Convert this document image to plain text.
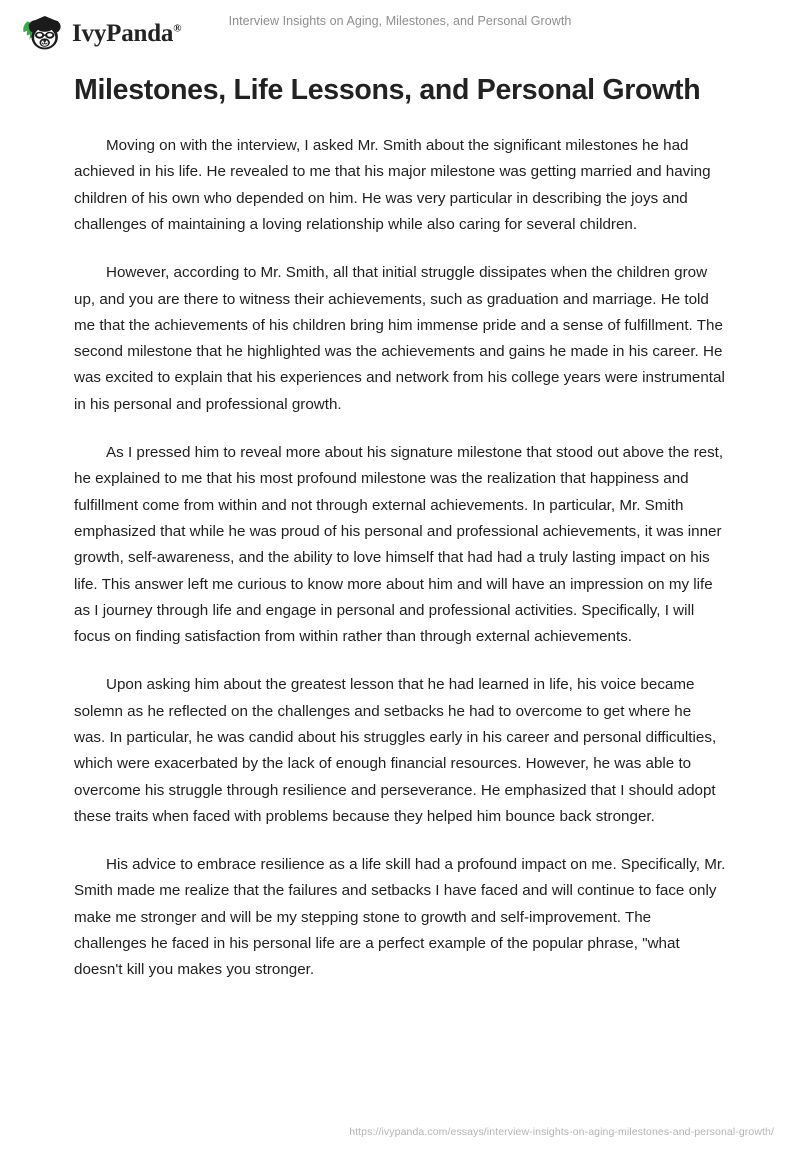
IvyPanda®
Interview Insights on Aging, Milestones, and Personal Growth
Milestones, Life Lessons, and Personal Growth

Moving on with the interview, I asked Mr. Smith about the significant milestones he had achieved in his life. He revealed to me that his major milestone was getting married and having children of his own who depended on him. He was very particular in describing the joys and challenges of maintaining a loving relationship while also caring for several children.

However, according to Mr. Smith, all that initial struggle dissipates when the children grow up, and you are there to witness their achievements, such as graduation and marriage. He told me that the achievements of his children bring him immense pride and a sense of fulfillment. The second milestone that he highlighted was the achievements and gains he made in his career. He was excited to explain that his experiences and network from his college years were instrumental in his personal and professional growth.

As I pressed him to reveal more about his signature milestone that stood out above the rest, he explained to me that his most profound milestone was the realization that happiness and fulfillment come from within and not through external achievements. In particular, Mr. Smith emphasized that while he was proud of his personal and professional achievements, it was inner growth, self-awareness, and the ability to love himself that had had a truly lasting impact on his life. This answer left me curious to know more about him and will have an impression on my life as I journey through life and engage in personal and professional activities. Specifically, I will focus on finding satisfaction from within rather than through external achievements.

Upon asking him about the greatest lesson that he had learned in life, his voice became solemn as he reflected on the challenges and setbacks he had to overcome to get where he was. In particular, he was candid about his struggles early in his career and personal difficulties, which were exacerbated by the lack of enough financial resources. However, he was able to overcome his struggle through resilience and perseverance. He emphasized that I should adopt these traits when faced with problems because they helped him bounce back stronger.

His advice to embrace resilience as a life skill had a profound impact on me. Specifically, Mr. Smith made me realize that the failures and setbacks I have faced and will continue to face only make me stronger and will be my stepping stone to growth and self-improvement. The challenges he faced in his personal life are a perfect example of the popular phrase, "what doesn't kill you makes you stronger.

https://ivypanda.com/essays/interview-insights-on-aging-milestones-and-personal-growth/
